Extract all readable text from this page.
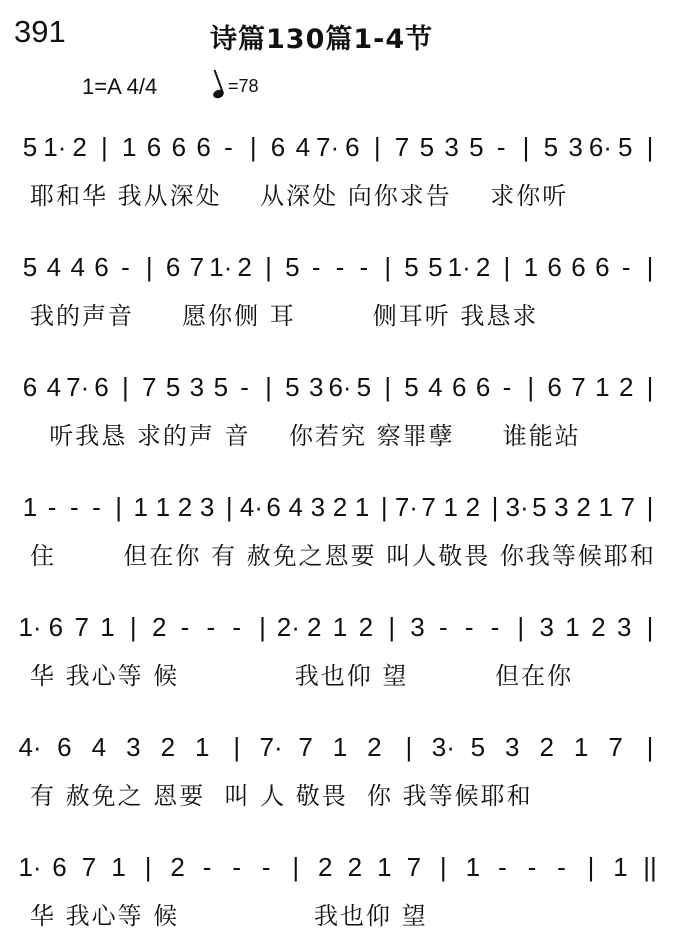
391	诗篇130篇1-4节
1=A 4/4	=78
5 1· 2 | 1 6 6 6 - | 6 4 7· 6 | 7 5 3 5 - | 5 3 6· 5 |
耶和华 我从深处    从深处 向你求告    求你听
5 4 4 6 - | 6 7 1· 2 | 5 - - - | 5 5 1· 2 | 1 6 6 6 - |
我的声音     愿你侧 耳        侧耳听 我恳求
6 4 7· 6 | 7 5 3 5 - | 5 3 6· 5 | 5 4 6 6 - | 6 7 1 2 |
听我恳 求的声 音    你若究 察罪孽     谁能站
1 - - - | 1 1 2 3 | 4· 6 4 3 2 1 | 7· 7 1 2 | 3· 5 3 2 1 7 |
住       但在你 有 赦免之恩要 叫人敬畏 你我等候耶和
1· 6 7 1 | 2 - - - | 2· 2 1 2 | 3 - - - | 3 1 2 3 |
华 我心等 候            我也仰 望         但在你
4· 6 4 3 2 1 | 7· 7 1 2 | 3· 5 3 2 1 7 |
有 赦免之 恩要  叫 人 敬畏  你 我等候耶和
1· 6 7 1 | 2 - - - | 2 2 1 7 | 1 - - - | 1 ||
华 我心等 候              我也仰 望
